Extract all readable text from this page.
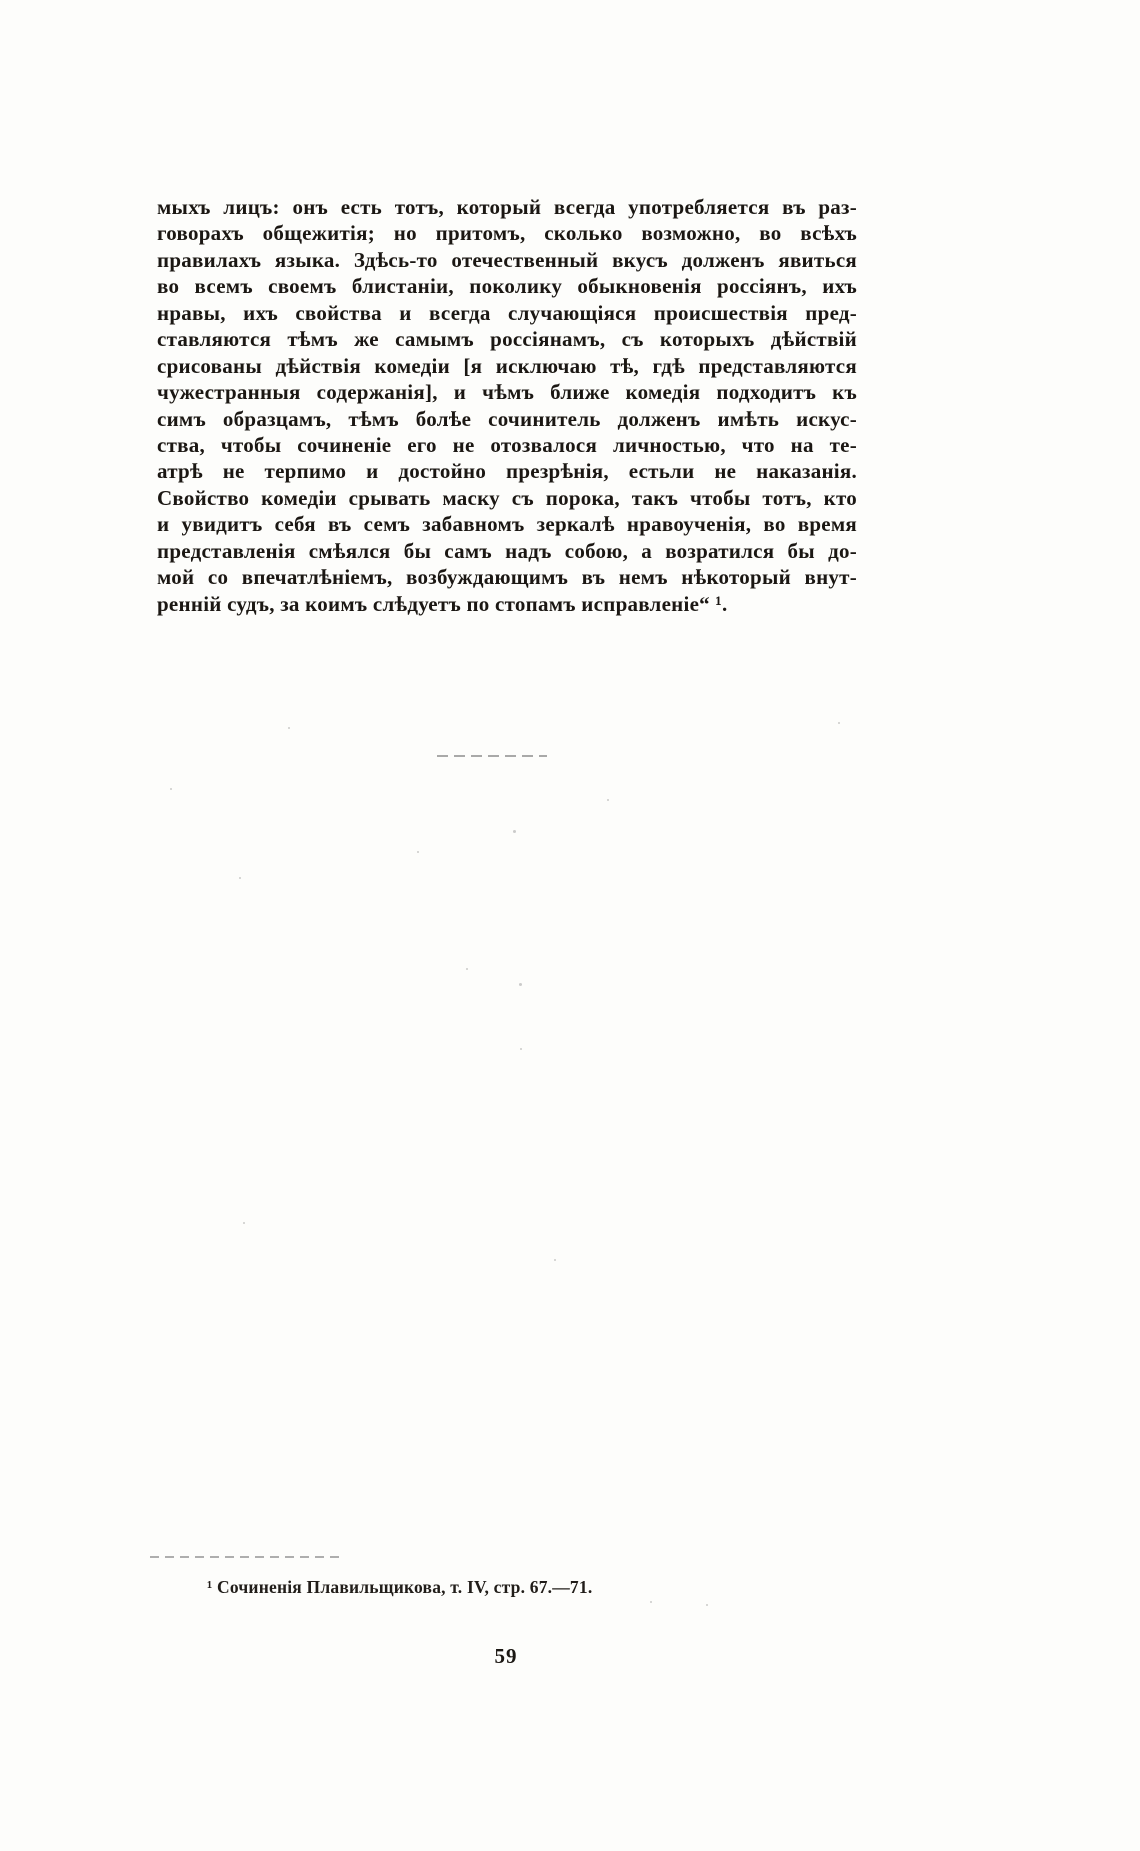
мыхъ лицъ: онъ есть тотъ, который всегда употребляется въ раз-
говорахъ общежитія; но притомъ, сколько возможно, во всѣхъ
правилахъ языка. Здѣсь-то отечественный вкусъ долженъ явиться
во всемъ своемъ блистаніи, поколику обыкновенія россіянъ, ихъ
нравы, ихъ свойства и всегда случающіяся происшествія пред-
ставляются тѣмъ же самымъ россіянамъ, съ которыхъ дѣйствій
срисованы дѣйствія комедіи [я исключаю тѣ, гдѣ представляются
чужестранныя содержанія], и чѣмъ ближе комедія подходитъ къ
симъ образцамъ, тѣмъ болѣе сочинитель долженъ имѣть искус-
ства, чтобы сочиненіе его не отозвалося личностью, что на те-
атрѣ не терпимо и достойно презрѣнія, естьли не наказанія.
Свойство комедіи срывать маску съ порока, такъ чтобы тотъ, кто
и увидитъ себя въ семъ забавномъ зеркалѣ нравоученія, во время
представленія смѣялся бы самъ надъ собою, а возратился бы до-
мой со впечатлѣніемъ, возбуждающимъ въ немъ нѣкоторый внут-
ренній судъ, за коимъ слѣдуетъ по стопамъ исправленіе“ ¹.
¹ Сочиненія Плавильщикова, т. IV, стр. 67.—71.
59
